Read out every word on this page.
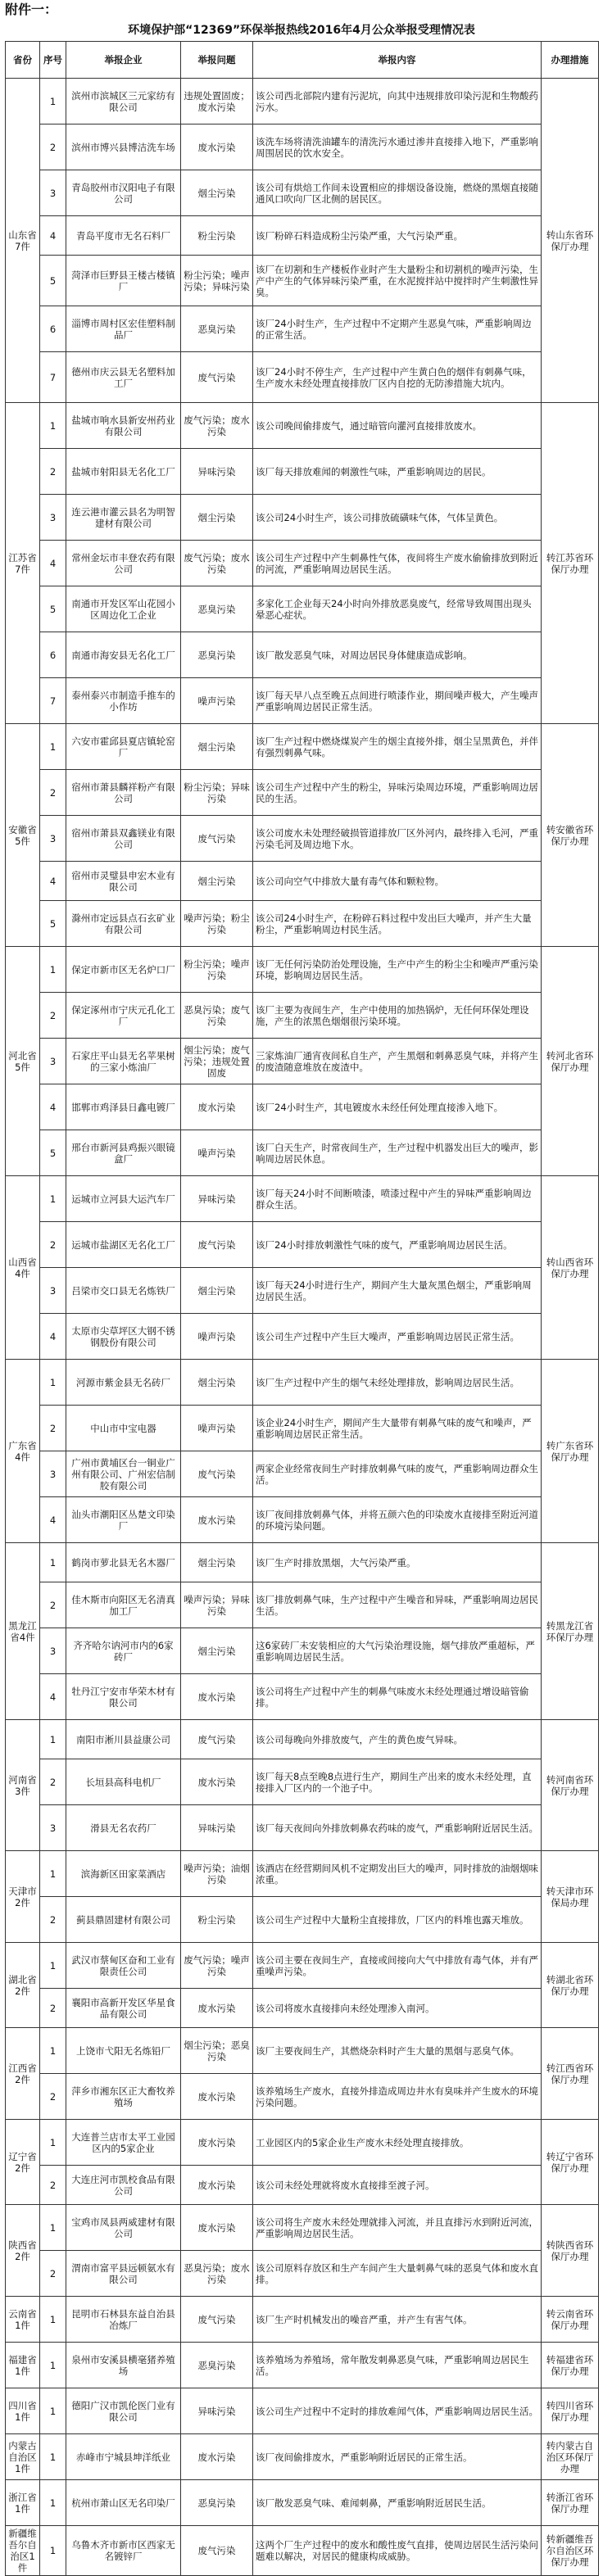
附件一：
环境保护部“12369”环保举报热线2016年4月公众举报受理情况表
省份	序号	举报企业	举报问题	举报内容	办理措施
山东省7件	1	滨州市滨城区三元家纺有限公司	违规处置固废；废水污染	该公司西北部院内建有污泥坑，向其中违规排放印染污泥和生物酸药污水。	转山东省环保厅办理
	2	滨州市博兴县博洁洗车场	废水污染	该洗车场将清洗油罐车的清洗污水通过渗井直接排入地下，严重影响周围居民的饮水安全。	
	3	青岛胶州市汉阳电子有限公司	烟尘污染	该公司有烘焙工作间未设置相应的排烟设备设施，燃烧的黑烟直接随通风口吹向厂区北侧的居民区。	
	4	青岛平度市无名石料厂	粉尘污染	该厂粉碎石料造成粉尘污染严重，大气污染严重。	
	5	菏泽市巨野县王楼古楼镇厂	粉尘污染；噪声污染；异味污染	该厂在切割和生产楼板作业时产生大量粉尘和切割机的噪声污染，生产中产生的气体异味污染严重，在水泥搅拌站中搅拌时产生刺激性异臭。	
	6	淄博市周村区宏佳塑料制品厂	恶臭污染	该厂24小时生产，生产过程中不定期产生恶臭气味，严重影响周边的正常生活。	
	7	德州市庆云县无名塑料加工厂	废气污染	该厂24小时不停生产，生产过程中产生黄白色的烟伴有刺鼻气味，生产废水未经处理直接排放厂区内自挖的无防渗措施大坑内。	
江苏省7件	1	盐城市响水县新安州药业有限公司	废气污染；废水污染	该公司晚间偷排废气，通过暗管向灌河直接排放废水。	转江苏省环保厅办理
	2	盐城市射阳县无名化工厂	异味污染	该厂每天排放难闻的刺激性气味，严重影响周边的居民。	
	3	连云港市灌云县名为明智建材有限公司	烟尘污染	该公司24小时生产，该公司排放硫磺味气体，气体呈黄色。	
	4	常州金坛市丰登农药有限公司	废气污染；废水污染	该公司生产过程中产生刺鼻性气体，夜间将生产废水偷偷排放到附近的河流，严重影响周边居民生活。	
	5	南通市开发区军山花园小区周边化工企业	恶臭污染	多家化工企业每天24小时向外排放恶臭废气，经常导致周围出现头晕恶心症状。	
	6	南通市海安县无名化工厂	恶臭污染	该厂散发恶臭气味，对周边居民身体健康造成影响。	
	7	泰州泰兴市制造手推车的小作坊	噪声污染	该厂每天早八点至晚五点间进行喷漆作业，期间噪声极大，产生噪声严重影响周边居民正常生活。	
安徽省5件	1	六安市霍邱县夏店镇轮窑厂	烟尘污染	该厂生产过程中燃烧煤炭产生的烟尘直接外排，烟尘呈黑黄色，并伴有强烈刺鼻气味。	转安徽省环保厅办理
	2	宿州市萧县麟祥粉产有限公司	粉尘污染；异味污染	该公司生产过程中产生的粉尘，异味污染周边环境，严重影响周边居民的生活。	
	3	宿州市萧县双鑫镁业有限公司	废气污染	该公司废水未处理经破损管道排放厂区外河内，最终排入毛河，严重污染毛河及周边地下水。	
	4	宿州市灵璧县申宏木业有限公司	烟尘污染	该公司向空气中排放大量有毒气体和颗粒物。	
	5	滁州市定远县点石玄矿业有限公司	噪声污染；粉尘污染	该公司24小时生产，在粉碎石料过程中发出巨大噪声，并产生大量粉尘，严重影响周边村民生活。	
河北省5件	1	保定市新市区无名炉口厂	粉尘污染；噪声污染	该厂无任何污染防治处理设施，生产中产生的粉尘尘和噪声严重污染环境，影响周边居民生活。	转河北省环保厅办理
	2	保定涿州市宁庆元孔化工厂	恶臭污染；废气污染	该厂主要为夜间生产，生产中使用的加热锅炉，无任何环保处理设施，产生的浓黑色烟烟很污染环境。	
	3	石家庄平山县无名苹果树的三家小炼油厂	烟尘污染；废气污染；违规处置固废	三家炼油厂通宵夜间私自生产，产生黑烟和刺鼻恶臭气味，并将产生的废渣随意堆放在废渣中。	
	4	邯郸市鸡泽县日鑫电镀厂	废水污染	该厂24小时生产，其电镀废水未经任何处理直接渗入地下。	
	5	邢台市新河县鸡振兴眼镜盒厂	噪声污染	该厂白天生产，时常夜间生产，生产过程中机器发出巨大的噪声，影响周边居民休息。	
山西省4件	1	运城市立河县大运汽车厂	异味污染	该厂每天24小时不间断喷漆，喷漆过程中产生的异味严重影响周边群众生活。	转山西省环保厅办理
	2	运城市盐湖区无名化工厂	废气污染	该厂24小时排放刺激性气味的废气，严重影响周边居民生活。	
	3	吕梁市交口县无名炼铁厂	烟尘污染	该厂每天24小时进行生产，期间产生大量灰黑色烟尘，严重影响周边居民生活。	
	4	太原市尖草坪区大钢不锈钢股份有限公司	噪声污染	该公司生产过程中产生巨大噪声，严重影响周边居民正常生活。	
广东省4件	1	河源市紫金县无名砖厂	烟尘污染	该厂生产过程中产生的烟气未经处理排放，影响周边居民生活。	转广东省环保厅办理
	2	中山市中宝电器	噪声污染	该企业24小时生产，期间产生大量带有刺鼻气味的废气和噪声，严重影响周边居民正常生活。	
	3	广州市黄埔区台一铜业广州有限公司、广州宏信制胶有限公司	废气污染	两家企业经常夜间生产时排放刺鼻气味的废气，严重影响周边群众生活。	
	4	汕头市潮阳区丛楚文印染厂	废水污染	该厂夜间排放刺鼻气体，并将五颜六色的印染废水直接排至附近河道的环境污染问题。	
黑龙江省4件	1	鹤岗市萝北县无名木器厂	烟尘污染	该厂生产时排放黑烟，大气污染严重。	转黑龙江省环保厅办理
	2	佳木斯市向阳区无名清真加工厂	噪声污染；异味污染	该厂排放刺鼻气味，生产过程中产生噪音和异味，严重影响周边居民生活。	
	3	齐齐哈尔讷河市内的6家砖厂	烟尘污染	这6家砖厂未安装相应的大气污染治理设施，烟气排放严重超标，严重影响周边居民生活。	
	4	牡丹江宁安市华荣木材有限公司	废水污染	该公司将生产过程中产生的刺鼻气味废水未经处理通过增设暗管偷排。	
河南省3件	1	南阳市淅川县益康公司	废气污染	该公司每晚向外排放废气，产生的黄色废气异味。	转河南省环保厅办理
	2	长垣县高科电机厂	废水污染	该厂每天8点至晚8点进行生产，期间生产出来的废水未经处理，直接排入厂区内的一个池子中。	
	3	滑县无名农药厂	异味污染	该厂每天夜间向外排放刺鼻农药味的废气，严重影响附近居民生活。	
天津市2件	1	滨海新区田家菜酒店	噪声污染；油烟污染	该酒店在经营期间风机不定期发出巨大的噪声，同时排放的油烟烟味浓重。	转天津市环保局办理
	2	蓟县鼎固建材有限公司	粉尘污染	该公司生产过程中大量粉尘直接排放，厂区内的料堆也露天堆放。	
湖北省2件	1	武汉市蔡甸区奋和工业有限责任公司	废气污染；噪声污染	该公司主要在夜间生产，直接或间接向大气中排放有毒气体，并有严重噪声污染。	转湖北省环保厅办理
	2	襄阳市高新开发区华星食品有限公司	废水污染	该公司将废水直接排向未经处理渗入南河。	
江西省2件	1	上饶市弋阳无名炼铅厂	烟尘污染；恶臭污染	该厂主要夜间生产，其燃烧杂料时产生大量的黑烟与恶臭气体。	转江西省环保厅办理
	2	萍乡市湘东区正大畜牧养殖场	废水污染	该养殖场生产废水，直接外排造成周边井水有臭味并产生废水的环境污染问题。	
辽宁省2件	1	大连普兰店市太平工业园区内的5家企业	废水污染	工业园区内的5家企业生产废水未经处理直接排放。	转辽宁省环保厅办理
	2	大连庄河市凯校食品有限公司	废水污染	该公司未经处理就将废水直接排至渡子河。	
陕西省2件	1	宝鸡市凤县两威建材有限公司	废水污染	该公司将生产废水未经处理就排入河流，并且直排污水到附近河流，严重影响周边居民生活。	转陕西省环保厅办理
	2	渭南市富平县远顿氨水有限公司	恶臭污染；废水污染	该公司原料存放区和生产车间产生大量刺鼻气味的恶臭气体和废水直排。	
云南省1件	1	昆明市石林县东益自治县冶炼厂	废气污染	该厂生产时机械发出的噪音严重，并产生有害气体。	转云南省环保厅办理
福建省1件	1	泉州市安溪县横毫猪养殖场	恶臭污染	该养殖场为养殖场，常年散发刺鼻恶臭气味，严重影响周边居民生活。	转福建省环保厅办理
四川省1件	1	德阳广汉市凯伦医门业有限公司	异味污染	该公司生产过程中不定时的排放难闻气体，严重影响周边居民生活。	转四川省环保厅办理
内蒙古自治区1件	1	赤峰市宁城县坤洋纸业	废水污染	该厂夜间偷排废水，严重影响附近居民的正常生活。	转内蒙古自治区环保厅办理
浙江省1件	1	杭州市萧山区无名印染厂	恶臭污染	该厂散发恶臭气味、难闻刺鼻，严重影响附近居民生活。	转浙江省环保厅办理
新疆维吾尔自治区1件	1	乌鲁木齐市新市区西家无名镀锌厂	废气污染	这两个厂生产过程中的废水和酸性废气直排，使周边居民生活污染问题难以解决，对居民的健康构成威胁。	转新疆维吾尔自治区环保厅办理
